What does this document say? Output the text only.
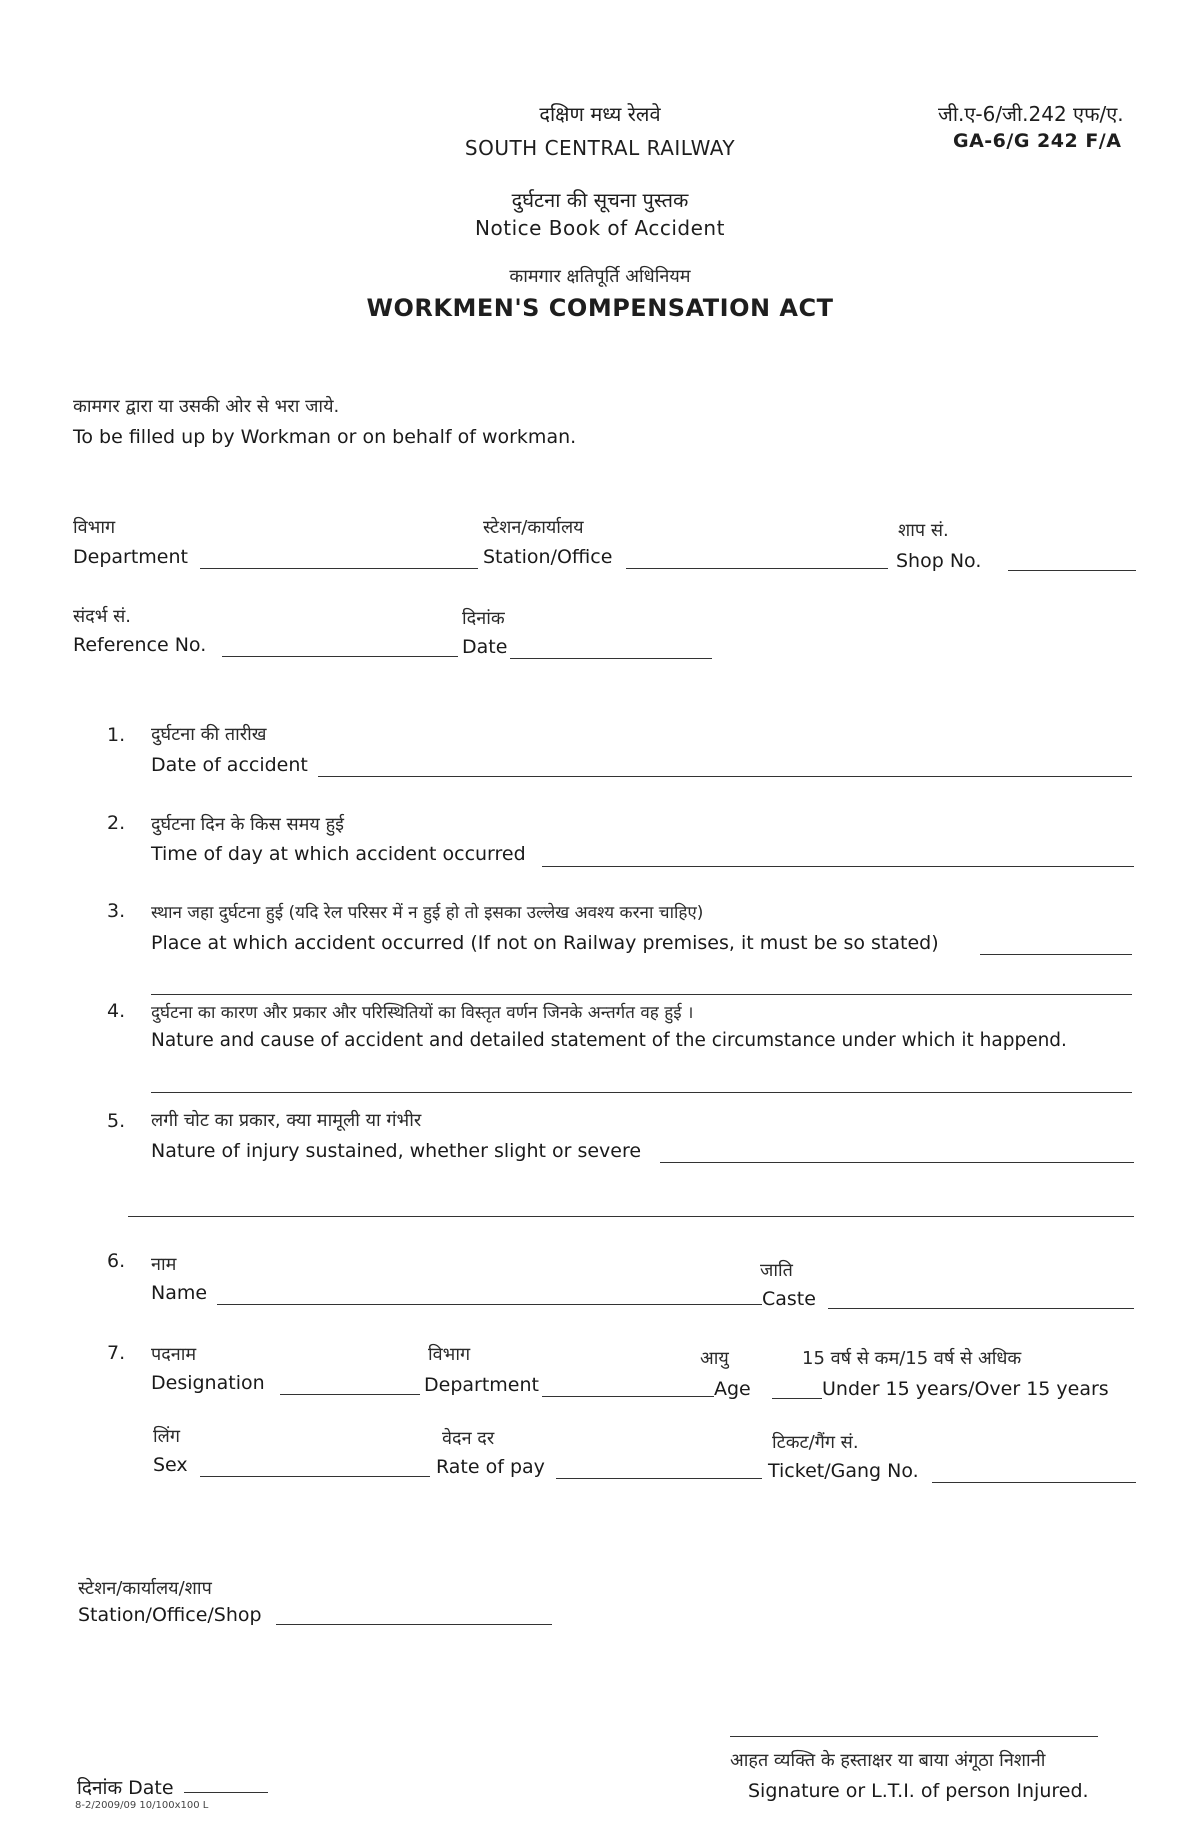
दक्षिण मध्य रेलवे
SOUTH CENTRAL RAILWAY
जी.ए-6/जी.242 एफ/ए.
GA-6/G 242 F/A
दुर्घटना की सूचना पुस्तक
Notice Book of Accident
कामगार क्षतिपूर्ति अधिनियम
WORKMEN'S COMPENSATION ACT
कामगर द्वारा या उसकी ओर से भरा जाये.
To be filled up by Workman or on behalf of workman.
विभाग
Department
स्टेशन/कार्यालय
Station/Office
शाप सं.
Shop No.
संदर्भ सं.
Reference No.
दिनांक
Date
1. दुर्घटना की तारीख
Date of accident
2. दुर्घटना दिन के किस समय हुई
Time of day at which accident occurred
3. स्थान जहा दुर्घटना हुई (यदि रेल परिसर में न हुई हो तो इसका उल्लेख अवश्य करना चाहिए)
Place at which accident occurred (If not on Railway premises, it must be so stated)
4. दुर्घटना का कारण और प्रकार और परिस्थितियों का विस्तृत वर्णन जिनके अन्तर्गत वह हुई ।
Nature and cause of accident and detailed statement of the circumstance under which it happend.
5. लगी चोट का प्रकार, क्या मामूली या गंभीर
Nature of injury sustained, whether slight or severe
6. नाम
Name
जाति
Caste
7. पदनाम
Designation
विभाग
Department
आयु
Age
15 वर्ष से कम/15 वर्ष से अधिक
Under 15 years/Over 15 years
लिंग
Sex
वेदन दर
Rate of pay
टिकट/गैंग सं.
Ticket/Gang No.
स्टेशन/कार्यालय/शाप
Station/Office/Shop
आहत व्यक्ति के हस्ताक्षर या बाया अंगूठा निशानी
Signature or L.T.I. of person Injured.
दिनांक Date
8-2/2009/09 10/100x100 L
